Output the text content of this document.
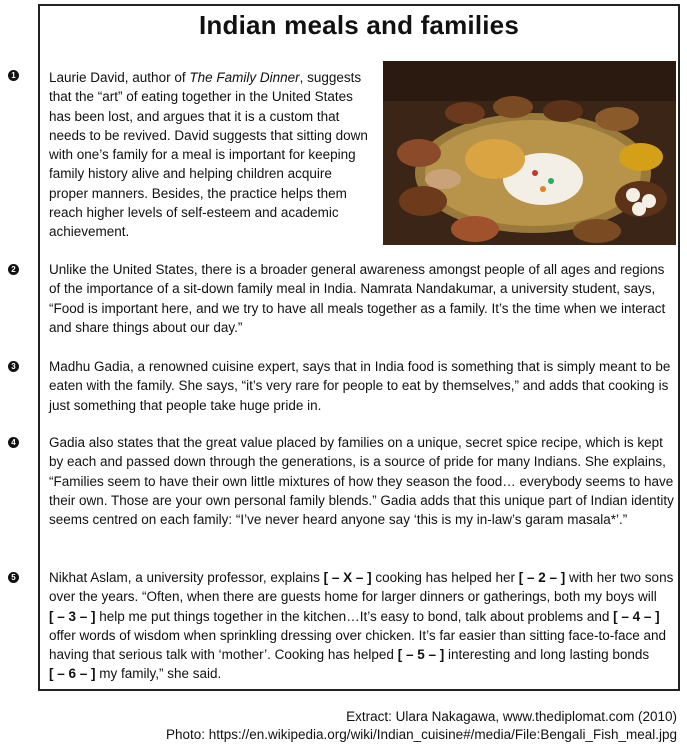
Indian meals and families
1
2
3
4
5

Laurie David, author of The Family Dinner, suggests that the “art” of eating together in the United States has been lost, and argues that it is a custom that needs to be revived. David suggests that sitting down with one’s family for a meal is important for keeping family history alive and helping children acquire proper manners. Besides, the practice helps them reach higher levels of self-esteem and academic achievement.

Unlike the United States, there is a broader general awareness amongst people of all ages and regions of the importance of a sit-down family meal in India. Namrata Nandakumar, a university student, says, “Food is important here, and we try to have all meals together as a family. It’s the time when we interact and share things about our day.”

Madhu Gadia, a renowned cuisine expert, says that in India food is something that is simply meant to be eaten with the family. She says, “it’s very rare for people to eat by themselves,” and adds that cooking is just something that people take huge pride in.

Gadia also states that the great value placed by families on a unique, secret spice recipe, which is kept by each and passed down through the generations, is a source of pride for many Indians. She explains, “Families seem to have their own little mixtures of how they season the food… everybody seems to have their own. Those are your own personal family blends.” Gadia adds that this unique part of Indian identity seems centred on each family: “I’ve never heard anyone say ‘this is my in-law’s garam masala*’.”

Nikhat Aslam, a university professor, explains [ – X – ] cooking has helped her [ – 2 – ] with her two sons over the years. “Often, when there are guests home for larger dinners or gatherings, both my boys will [ – 3 – ] help me put things together in the kitchen…It’s easy to bond, talk about problems and [ – 4 – ] offer words of wisdom when sprinkling dressing over chicken. It’s far easier than sitting face-to-face and having that serious talk with ‘mother’. Cooking has helped [ – 5 – ] interesting and long lasting bonds [ – 6 – ] my family,” she said.

Extract: Ulara Nakagawa, www.thediplomat.com (2010)
Photo: https://en.wikipedia.org/wiki/Indian_cuisine#/media/File:Bengali_Fish_meal.jpg
